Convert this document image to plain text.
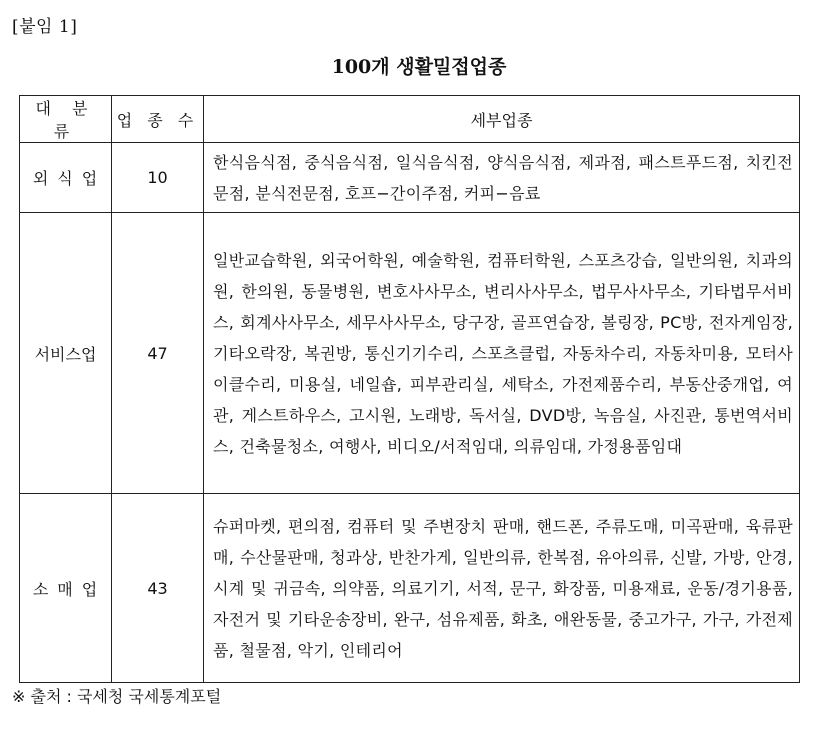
[붙임 1]
100개 생활밀접업종
대 분 류	업 종 수	세부업종
외식업	10	한식음식점, 중식음식점, 일식음식점, 양식음식점, 제과점, 패스트푸드점, 치킨전문점, 분식전문점, 호프−간이주점, 커피−음료
서비스업	47	일반교습학원, 외국어학원, 예술학원, 컴퓨터학원, 스포츠강습, 일반의원, 치과의원, 한의원, 동물병원, 변호사사무소, 변리사사무소, 법무사사무소, 기타법무서비스, 회계사사무소, 세무사사무소, 당구장, 골프연습장, 볼링장, PC방, 전자게임장, 기타오락장, 복권방, 통신기기수리, 스포츠클럽, 자동차수리, 자동차미용, 모터사이클수리, 미용실, 네일숍, 피부관리실, 세탁소, 가전제품수리, 부동산중개업, 여관, 게스트하우스, 고시원, 노래방, 독서실, DVD방, 녹음실, 사진관, 통번역서비스, 건축물청소, 여행사, 비디오/서적임대, 의류임대, 가정용품임대
소매업	43	슈퍼마켓, 편의점, 컴퓨터 및 주변장치 판매, 핸드폰, 주류도매, 미곡판매, 육류판매, 수산물판매, 청과상, 반찬가게, 일반의류, 한복점, 유아의류, 신발, 가방, 안경, 시계 및 귀금속, 의약품, 의료기기, 서적, 문구, 화장품, 미용재료, 운동/경기용품, 자전거 및 기타운송장비, 완구, 섬유제품, 화초, 애완동물, 중고가구, 가구, 가전제품, 철물점, 악기, 인테리어
※ 출처 : 국세청 국세통계포털
